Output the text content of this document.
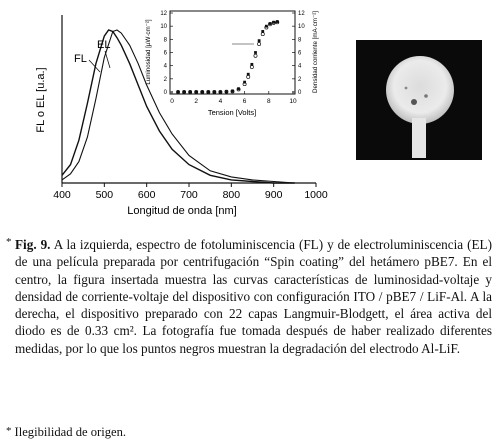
400 500 600 700 800 900 1000
Longitud de onda [nm]
FL o EL [u.a.]
FL
EL
0	2	4	6	8	10
0	0
2	2
4	4
6	6
8	8
10	10
12	12
Tension [Volts]
Luminosidad [µW·cm⁻²]	Densidad corriente [mA·cm⁻²]
* Fig. 9. A la izquierda, espectro de fotoluminiscencia (FL) y de electroluminiscencia (EL) de una película preparada por centrifugación “Spin coating” del hetámero pBE7. En el centro, la figura insertada muestra las curvas características de luminosidad-voltaje y densidad de corriente-voltaje del dispositivo con configuración ITO / pBE7 / LiF-Al. A la derecha, el dispositivo preparado con 22 capas Langmuir-Blodgett, el área activa del diodo es de 0.33 cm². La fotografía fue tomada después de haber realizado diferentes medidas, por lo que los puntos negros muestran la degradación del electrodo Al-LiF.
* Ilegibilidad de origen.
